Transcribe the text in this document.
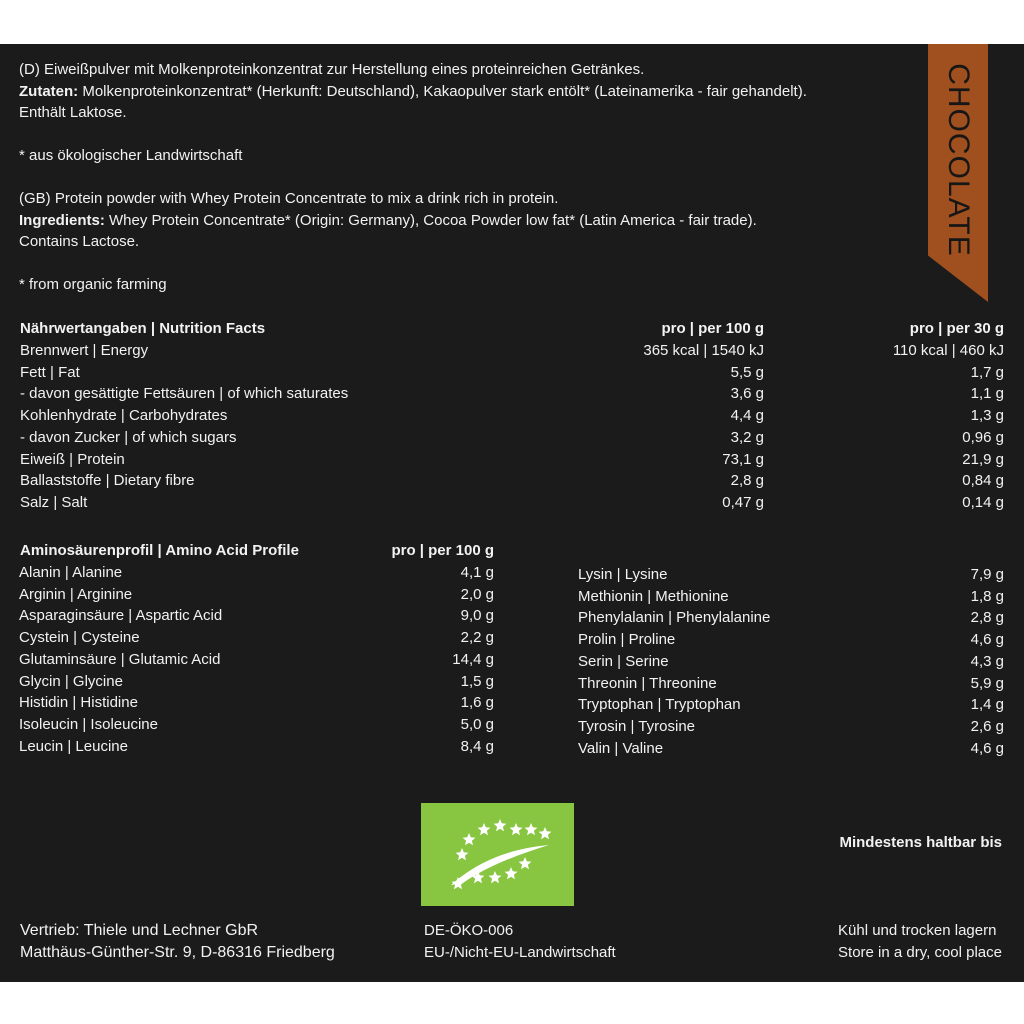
CHOCOLATE
(D) Eiweißpulver mit Molkenproteinkonzentrat zur Herstellung eines proteinreichen Getränkes.
Zutaten: Molkenproteinkonzentrat* (Herkunft: Deutschland), Kakaopulver stark entölt* (Lateinamerika - fair gehandelt).
Enthält Laktose.
* aus ökologischer Landwirtschaft
(GB) Protein powder with Whey Protein Concentrate to mix a drink rich in protein.
Ingredients: Whey Protein Concentrate* (Origin: Germany), Cocoa Powder low fat* (Latin America - fair trade).
Contains Lactose.
* from organic farming
Nährwertangaben | Nutrition Facts	pro | per 100 g	pro | per 30 g
Brennwert | Energy	365 kcal | 1540 kJ	110 kcal | 460 kJ
Fett | Fat	5,5 g	1,7 g
- davon gesättigte Fettsäuren | of which saturates	3,6 g	1,1 g
Kohlenhydrate | Carbohydrates	4,4 g	1,3 g
- davon Zucker | of which sugars	3,2 g	0,96 g
Eiweiß | Protein	73,1 g	21,9 g
Ballaststoffe | Dietary fibre	2,8 g	0,84 g
Salz | Salt	0,47 g	0,14 g
Aminosäurenprofil | Amino Acid Profile	pro | per 100 g
Alanin | Alanine	4,1 g
Arginin | Arginine	2,0 g
Asparaginsäure | Aspartic Acid	9,0 g
Cystein | Cysteine	2,2 g
Glutaminsäure | Glutamic Acid	14,4 g
Glycin | Glycine	1,5 g
Histidin | Histidine	1,6 g
Isoleucin | Isoleucine	5,0 g
Leucin | Leucine	8,4 g
Lysin | Lysine	7,9 g
Methionin | Methionine	1,8 g
Phenylalanin | Phenylalanine	2,8 g
Prolin | Proline	4,6 g
Serin | Serine	4,3 g
Threonin | Threonine	5,9 g
Tryptophan | Tryptophan	1,4 g
Tyrosin | Tyrosine	2,6 g
Valin | Valine	4,6 g
Mindestens haltbar bis
Vertrieb: Thiele und Lechner GbR
Matthäus-Günther-Str. 9, D-86316 Friedberg
DE-ÖKO-006
EU-/Nicht-EU-Landwirtschaft
Kühl und trocken lagern
Store in a dry, cool place
